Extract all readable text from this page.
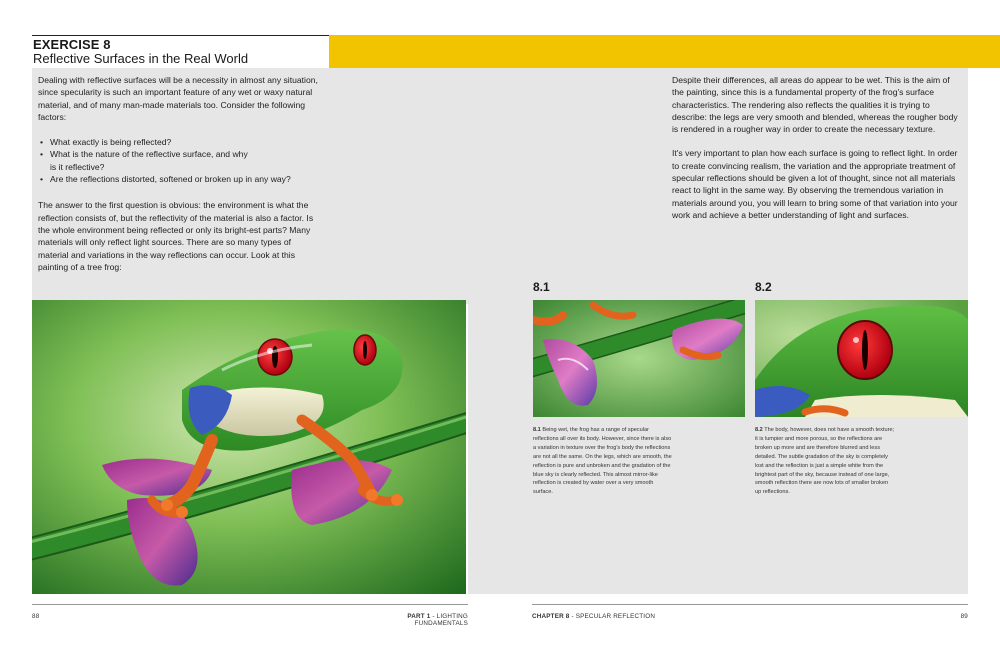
EXERCISE 8
Reflective Surfaces in the Real World

Dealing with reflective surfaces will be a necessity in almost any situation, since specularity is such an important feature of any wet or waxy natural material, and of many man-made materials too. Consider the following factors:

• What exactly is being reflected?
• What is the nature of the reflective surface, and why is it reflective?
• Are the reflections distorted, softened or broken up in any way?

The answer to the first question is obvious: the environment is what the reflection consists of, but the reflectivity of the material is also a factor. Is the whole environment being reflected or only its bright-est parts? Many materials will only reflect light sources. There are so many types of material and variations in the way reflections can occur. Look at this painting of a tree frog:

Despite their differences, all areas do appear to be wet. This is the aim of the painting, since this is a fundamental property of the frog's surface characteristics. The rendering also reflects the qualities it is trying to describe: the legs are very smooth and blended, whereas the rougher body is rendered in a rougher way in order to create the necessary texture.

It's very important to plan how each surface is going to reflect light. In order to create convincing realism, the variation and the appropriate treatment of specular reflections should be given a lot of thought, since not all materials react to light in the same way. By observing the tremendous variation in materials around you, you will learn to bring some of that variation into your work and achieve a better understanding of light and surfaces.

8.1
8.1 Being wet, the frog has a range of specular reflections all over its body. However, since there is also a variation in texture over the frog's body the reflections are not all the same. On the legs, which are smooth, the reflection is pure and unbroken and the gradation of the blue sky is clearly reflected. This almost mirror-like reflection is created by water over a very smooth surface.
8.2
8.2 The body, however, does not have a smooth texture; it is lumpier and more porous, so the reflections are broken up more and are therefore blurred and less detailed. The subtle gradation of the sky is completely lost and the reflection is just a simple white from the brightest part of the sky, because instead of one large, smooth reflection there are now lots of smaller broken up reflections.
88	PART 1 - LIGHTING FUNDAMENTALS
CHAPTER 8 - SPECULAR REFLECTION	89
